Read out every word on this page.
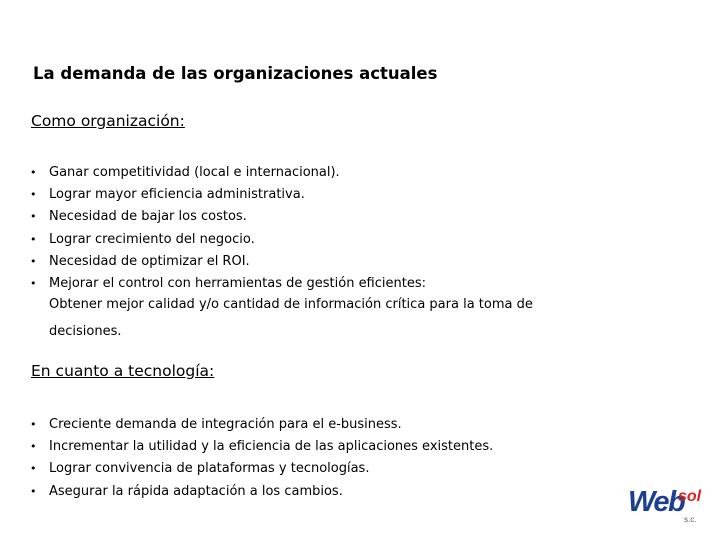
La demanda de las organizaciones actuales
Como organización:
• Ganar competitividad (local e internacional).
• Lograr mayor eficiencia administrativa.
• Necesidad de bajar los costos.
• Lograr crecimiento del negocio.
• Necesidad de optimizar el ROI.
• Mejorar el control con herramientas de gestión eficientes:
Obtener mejor calidad y/o cantidad de información crítica para la toma de decisiones.
En cuanto a tecnología:
• Creciente demanda de integración para el e-business.
• Incrementar la utilidad y la eficiencia de las aplicaciones existentes.
• Lograr convivencia de plataformas y tecnologías.
• Asegurar la rápida adaptación a los cambios.	Web
sol
s.c.
